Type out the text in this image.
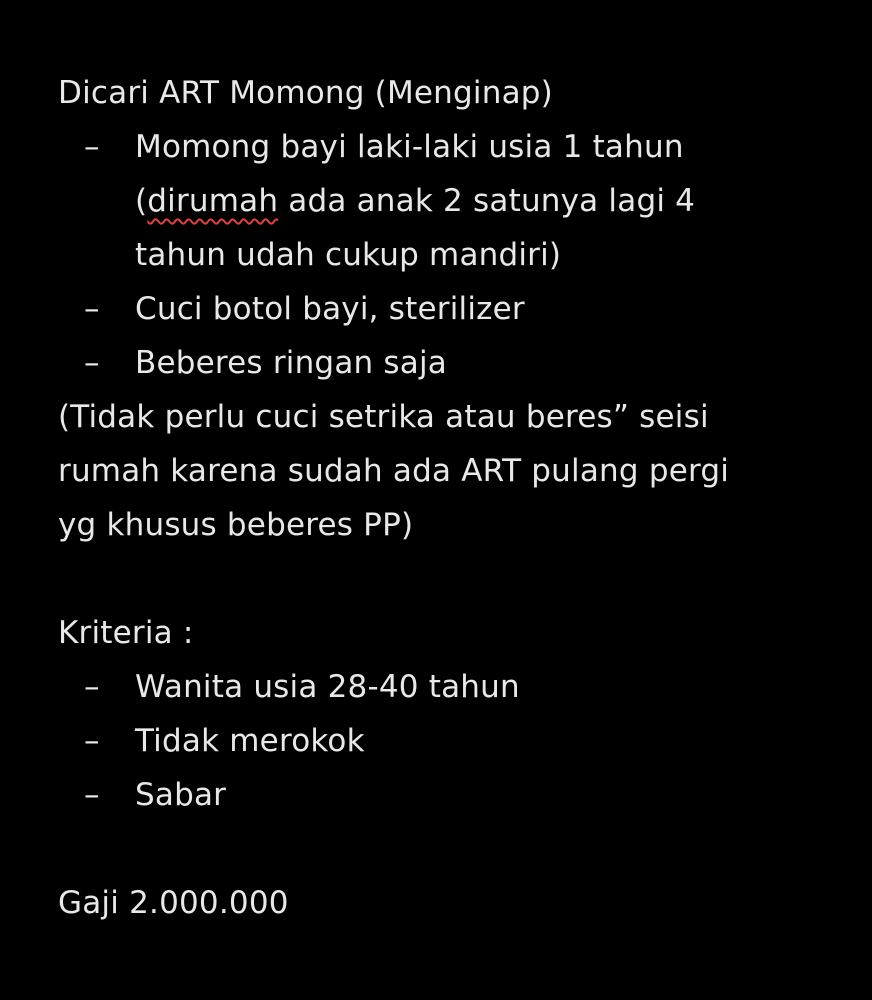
Dicari ART Momong (Menginap)
– Momong bayi laki-laki usia 1 tahun
(dirumah ada anak 2 satunya lagi 4
tahun udah cukup mandiri)
– Cuci botol bayi, sterilizer
– Beberes ringan saja
(Tidak perlu cuci setrika atau beres” seisi
rumah karena sudah ada ART pulang pergi
yg khusus beberes PP)
Kriteria :
– Wanita usia 28-40 tahun
– Tidak merokok
– Sabar
Gaji 2.000.000
